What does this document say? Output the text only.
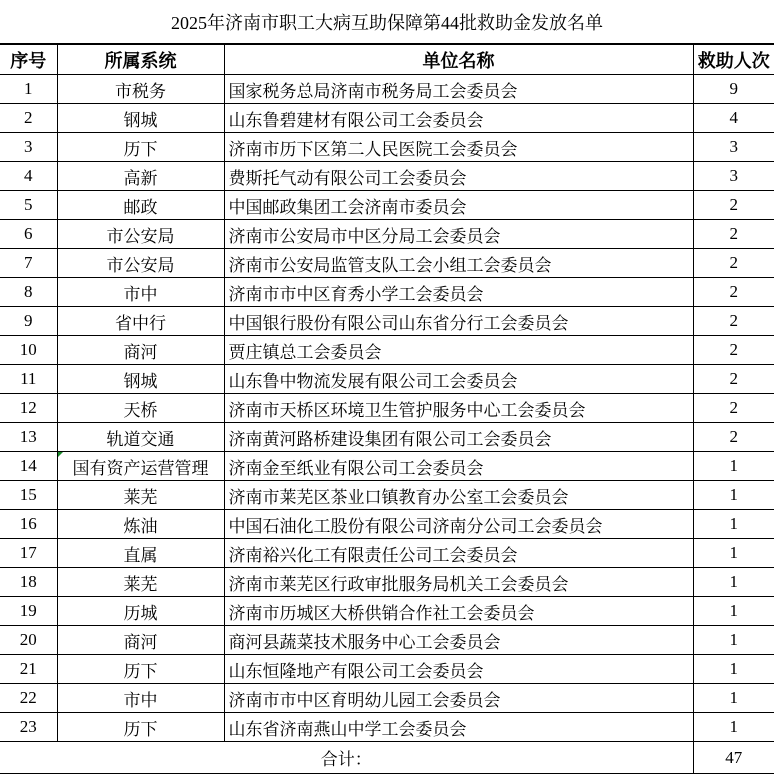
2025年济南市职工大病互助保障第44批救助金发放名单
序号	所属系统	单位名称	救助人次
1	市税务	国家税务总局济南市税务局工会委员会	9
2	钢城	山东鲁碧建材有限公司工会委员会	4
3	历下	济南市历下区第二人民医院工会委员会	3
4	高新	费斯托气动有限公司工会委员会	3
5	邮政	中国邮政集团工会济南市委员会	2
6	市公安局	济南市公安局市中区分局工会委员会	2
7	市公安局	济南市公安局监管支队工会小组工会委员会	2
8	市中	济南市市中区育秀小学工会委员会	2
9	省中行	中国银行股份有限公司山东省分行工会委员会	2
10	商河	贾庄镇总工会委员会	2
11	钢城	山东鲁中物流发展有限公司工会委员会	2
12	天桥	济南市天桥区环境卫生管护服务中心工会委员会	2
13	轨道交通	济南黄河路桥建设集团有限公司工会委员会	2
14	国有资产运营管理	济南金至纸业有限公司工会委员会	1
15	莱芜	济南市莱芜区茶业口镇教育办公室工会委员会	1
16	炼油	中国石油化工股份有限公司济南分公司工会委员会	1
17	直属	济南裕兴化工有限责任公司工会委员会	1
18	莱芜	济南市莱芜区行政审批服务局机关工会委员会	1
19	历城	济南市历城区大桥供销合作社工会委员会	1
20	商河	商河县蔬菜技术服务中心工会委员会	1
21	历下	山东恒隆地产有限公司工会委员会	1
22	市中	济南市市中区育明幼儿园工会委员会	1
23	历下	山东省济南燕山中学工会委员会	1
合计：			47
